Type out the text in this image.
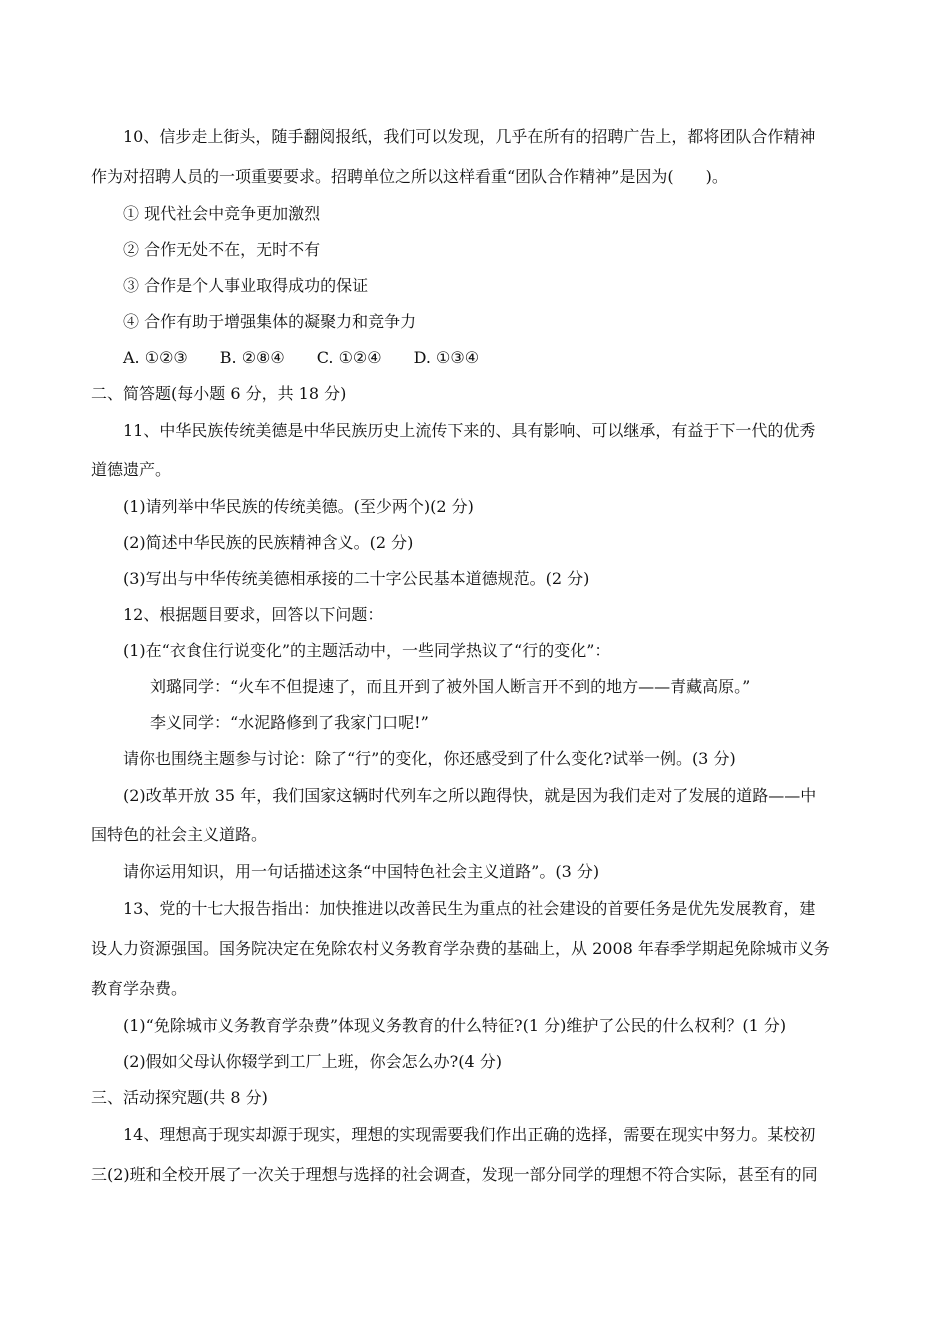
10、信步走上街头，随手翻阅报纸，我们可以发现，几乎在所有的招聘广告上，都将团队合作精神
作为对招聘人员的一项重要要求。招聘单位之所以这样看重“团队合作精神”是因为(　　)。
① 现代社会中竞争更加激烈
② 合作无处不在，无时不有
③ 合作是个人事业取得成功的保证
④ 合作有助于增强集体的凝聚力和竞争力
A. ①②③　　B. ②⑧④　　C. ①②④　　D. ①③④
二、简答题(每小题 6 分，共 18 分)
11、中华民族传统美德是中华民族历史上流传下来的、具有影响、可以继承，有益于下一代的优秀
道德遗产。
(1)请列举中华民族的传统美德。(至少两个)(2 分)
(2)简述中华民族的民族精神含义。(2 分)
(3)写出与中华传统美德相承接的二十字公民基本道德规范。(2 分)
12、根据题目要求，回答以下问题：
(1)在“衣食住行说变化”的主题活动中，一些同学热议了“行的变化”：
刘璐同学：“火车不但提速了，而且开到了被外国人断言开不到的地方——青藏高原。”
李义同学：“水泥路修到了我家门口呢!”
请你也围绕主题参与讨论：除了“行”的变化，你还感受到了什么变化?试举一例。(3 分)
(2)改革开放 35 年，我们国家这辆时代列车之所以跑得快，就是因为我们走对了发展的道路——中
国特色的社会主义道路。
请你运用知识，用一句话描述这条“中国特色社会主义道路”。(3 分)
13、党的十七大报告指出：加快推进以改善民生为重点的社会建设的首要任务是优先发展教育，建
设人力资源强国。国务院决定在免除农村义务教育学杂费的基础上，从 2008 年春季学期起免除城市义务
教育学杂费。
(1)“免除城市义务教育学杂费”体现义务教育的什么特征?(1 分)维护了公民的什么权利？(1 分)
(2)假如父母认你辍学到工厂上班，你会怎么办?(4 分)
三、活动探究题(共 8 分)
14、理想高于现实却源于现实，理想的实现需要我们作出正确的选择，需要在现实中努力。某校初
三(2)班和全校开展了一次关于理想与选择的社会调查，发现一部分同学的理想不符合实际，甚至有的同
